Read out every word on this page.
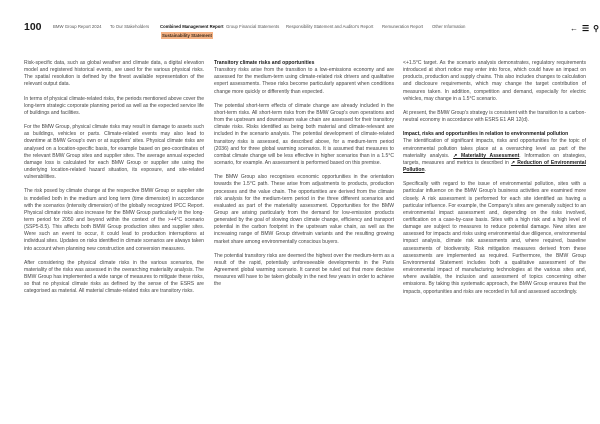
100	BMW Group Report 2024 To Our Stakeholders	Combined Management Report Group Financial Statements Responsibility Statement and Auditor's Report Remuneration Report Other Information
Sustainability Statement
← ☰ ⚲

Risk-specific data, such as global weather and climate data, a digital elevation model and registered historical events, are used for the various physical risks. The spatial resolution is defined by the finest available representation of the relevant output data.

In terms of physical climate-related risks, the periods mentioned above cover the long-term strategic corporate planning period as well as the expected service life of buildings and facilities.

For the BMW Group, physical climate risks may result in damage to assets such as buildings, vehicles or parts. Climate-related events may also lead to downtime at BMW Group's own or at suppliers' sites. Physical climate risks are analysed on a location-specific basis, for example based on geo-coordinates of the relevant BMW Group sites and supplier sites. The average annual expected damage loss is calculated for each BMW Group or supplier site using the underlying location-related hazard situation, its exposure, and site-related vulnerabilities.

The risk posed by climate change at the respective BMW Group or supplier site is modelled both in the medium and long term (time dimension) in accordance with the scenarios (intensity dimension) of the globally recognized IPCC Report. Physical climate risks also increase for the BMW Group particularly in the long-term period for 2050 and beyond within the context of the >+4°C scenario (SSP5-8.5). This affects both BMW Group production sites and supplier sites. Were such an event to occur, it could lead to production interruptions at individual sites. Updates on risks identified in climate scenarios are always taken into account when planning new construction and conversion measures.

After considering the physical climate risks in the various scenarios, the materiality of the risks was assessed in the overarching materiality analysis. The BMW Group has implemented a wide range of measures to mitigate these risks, so that no physical climate risks as defined by the sense of the ESRS are categorised as material. All material climate-related risks are transitory risks.

Transitory climate risks and opportunities

Transitory risks arise from the transition to a low-emissions economy and are assessed for the medium-term using climate-related risk drivers and qualitative expert assessments. These risks become particularly apparent when conditions change more quickly or differently than expected.

The potential short-term effects of climate change are already included in the short-term risks. All short-term risks from the BMW Group's own operations and from the upstream and downstream value chain are assessed for their transitory climate risks. Risks identified as being both material and climate-relevant are included in the scenario analysis. The potential development of climate-related transitory risks is assessed, as described above, for a medium-term period (2036) and for three global warming scenarios. It is assumed that measures to combat climate change will be less effective in higher scenarios than in a 1.5°C scenario, for example. An assessment is performed based on this premise.

The BMW Group also recognises economic opportunities in the orientation towards the 1.5°C path. These arise from adjustments to products, production processes and the value chain. The opportunities are derived from the climate risk analysis for the medium-term period in the three different scenarios and evaluated as part of the materiality assessment. Opportunities for the BMW Group are arising particularly from the demand for low-emission products generated by the goal of slowing down climate change, efficiency and transport potential in the carbon footprint in the upstream value chain, as well as the increasing range of BMW Group drivetrain variants and the resulting growing market share among environmentally conscious buyers.

The potential transitory risks are deemed the highest over the medium-term as a result of the rapid, potentially unforeseeable developments in the Paris Agreement global warming scenario. It cannot be ruled out that more decisive measures will have to be taken globally in the next few years in order to achieve the

<+1.5°C target. As the scenario analysis demonstrates, regulatory requirements introduced at short notice may enter into force, which could have an impact on products, production and supply chains. This also includes changes to calculation and disclosure requirements, which may change the target contribution of measures taken. In addition, competition and demand, especially for electric vehicles, may change in a 1.5°C scenario.

At present, the BMW Group's strategy is consistent with the transition to a carbon-neutral economy in accordance with ESRS E1 AR 12(d).

Impact, risks and opportunities in relation to environmental pollution

The identification of significant impacts, risks and opportunities for the topic of environmental pollution takes place at a overarching level as part of the materiality analysis. ↗ Materiality Assessment. Information on strategies, targets, measures and metrics is described in ↗ Reduction of Environmental Pollution.

Specifically with regard to the issue of environmental pollution, sites with a particular influence on the BMW Group's business activities are examined more closely. A risk assessment is performed for each site identified as having a particular influence. For example, the Company's sites are generally subject to an environmental impact assessment and, depending on the risks involved, certification on a case-by-case basis. Sites with a high risk and a high level of damage are subject to measures to reduce potential damage. New sites are assessed for impacts and risks using environmental due diligence, environmental impact analysis, climate risk assessments and, where required, baseline assessments of biodiversity. Risk mitigation measures derived from these assessments are implemented as required. Furthermore, the BMW Group Environmental Statement includes both a qualitative assessment of the environmental impact of manufacturing technologies at the various sites and, where available, the inclusion and assessment of topics concerning other emissions. By taking this systematic approach, the BMW Group ensures that the impacts, opportunities and risks are recorded in full and assessed accordingly.
